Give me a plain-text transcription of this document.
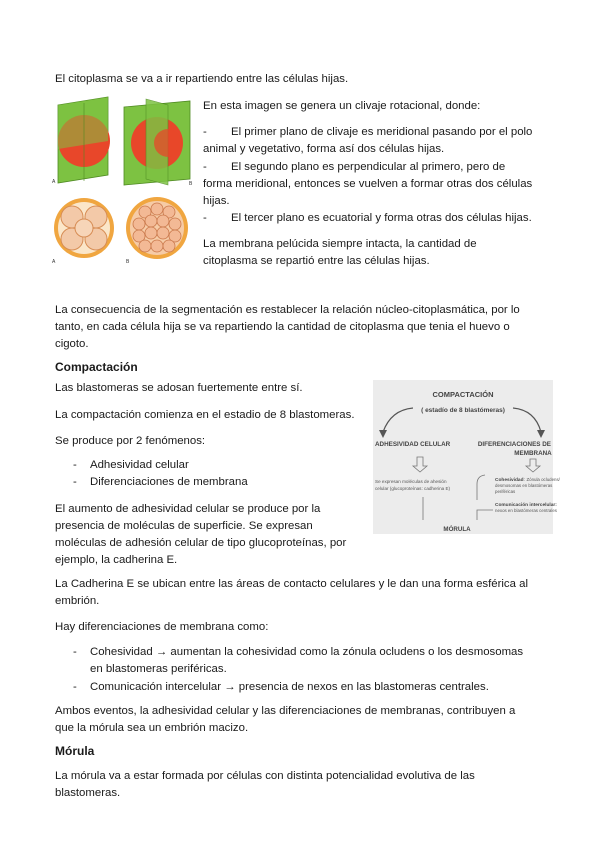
El citoplasma se va a ir repartiendo entre las células hijas.

A	B
A	B

En esta imagen se genera un clivaje rotacional, donde:

- El primer plano de clivaje es meridional pasando por el polo
animal y vegetativo, forma así dos células hijas.
- El segundo plano es perpendicular al primero, pero de
forma meridional, entonces se vuelven a formar otras dos células
hijas.
- El tercer plano es ecuatorial y forma otras dos células hijas.

La membrana pelúcida siempre intacta, la cantidad de

citoplasma se repartió entre las células hijas.

La consecuencia de la segmentación es restablecer la relación núcleo-citoplasmática, por lo

tanto, en cada célula hija se va repartiendo la cantidad de citoplasma que tenia el huevo o

cigoto.

Compactación

Las blastomeras se adosan fuertemente entre sí.

La compactación comienza en el estadio de 8 blastomeras.

Se produce por 2 fenómenos:

- Adhesividad celular
- Diferenciaciones de membrana

El aumento de adhesividad celular se produce por la

presencia de moléculas de superficie. Se expresan

moléculas de adhesión celular de tipo glucoproteínas, por

ejemplo, la cadherina E.

COMPACTACIÓN
( estadío de 8 blastómeras)
ADHESIVIDAD CELULAR	DIFERENCIACIONES DE
MEMBRANA
Se expresan moléculas de ahesión
celular (glucoproteínas: cadherina E)
Cohesividad : Zónula ocludens/
desmosomas en blastómeras
periféricas
Comunicación intercelular:
nexos en blastómeras centrales
MÓRULA

La Cadherina E se ubican entre las áreas de contacto celulares y le dan una forma esférica al

embrión.

Hay diferenciaciones de membrana como:

- Cohesividad → aumentan la cohesividad como la zónula ocludens o los desmosomas
en blastomeras periféricas.
- Comunicación intercelular → presencia de nexos en las blastomeras centrales.

Ambos eventos, la adhesividad celular y las diferenciaciones de membranas, contribuyen a

que la mórula sea un embrión macizo.

Mórula

La mórula va a estar formada por células con distinta potencialidad evolutiva de las

blastomeras.
